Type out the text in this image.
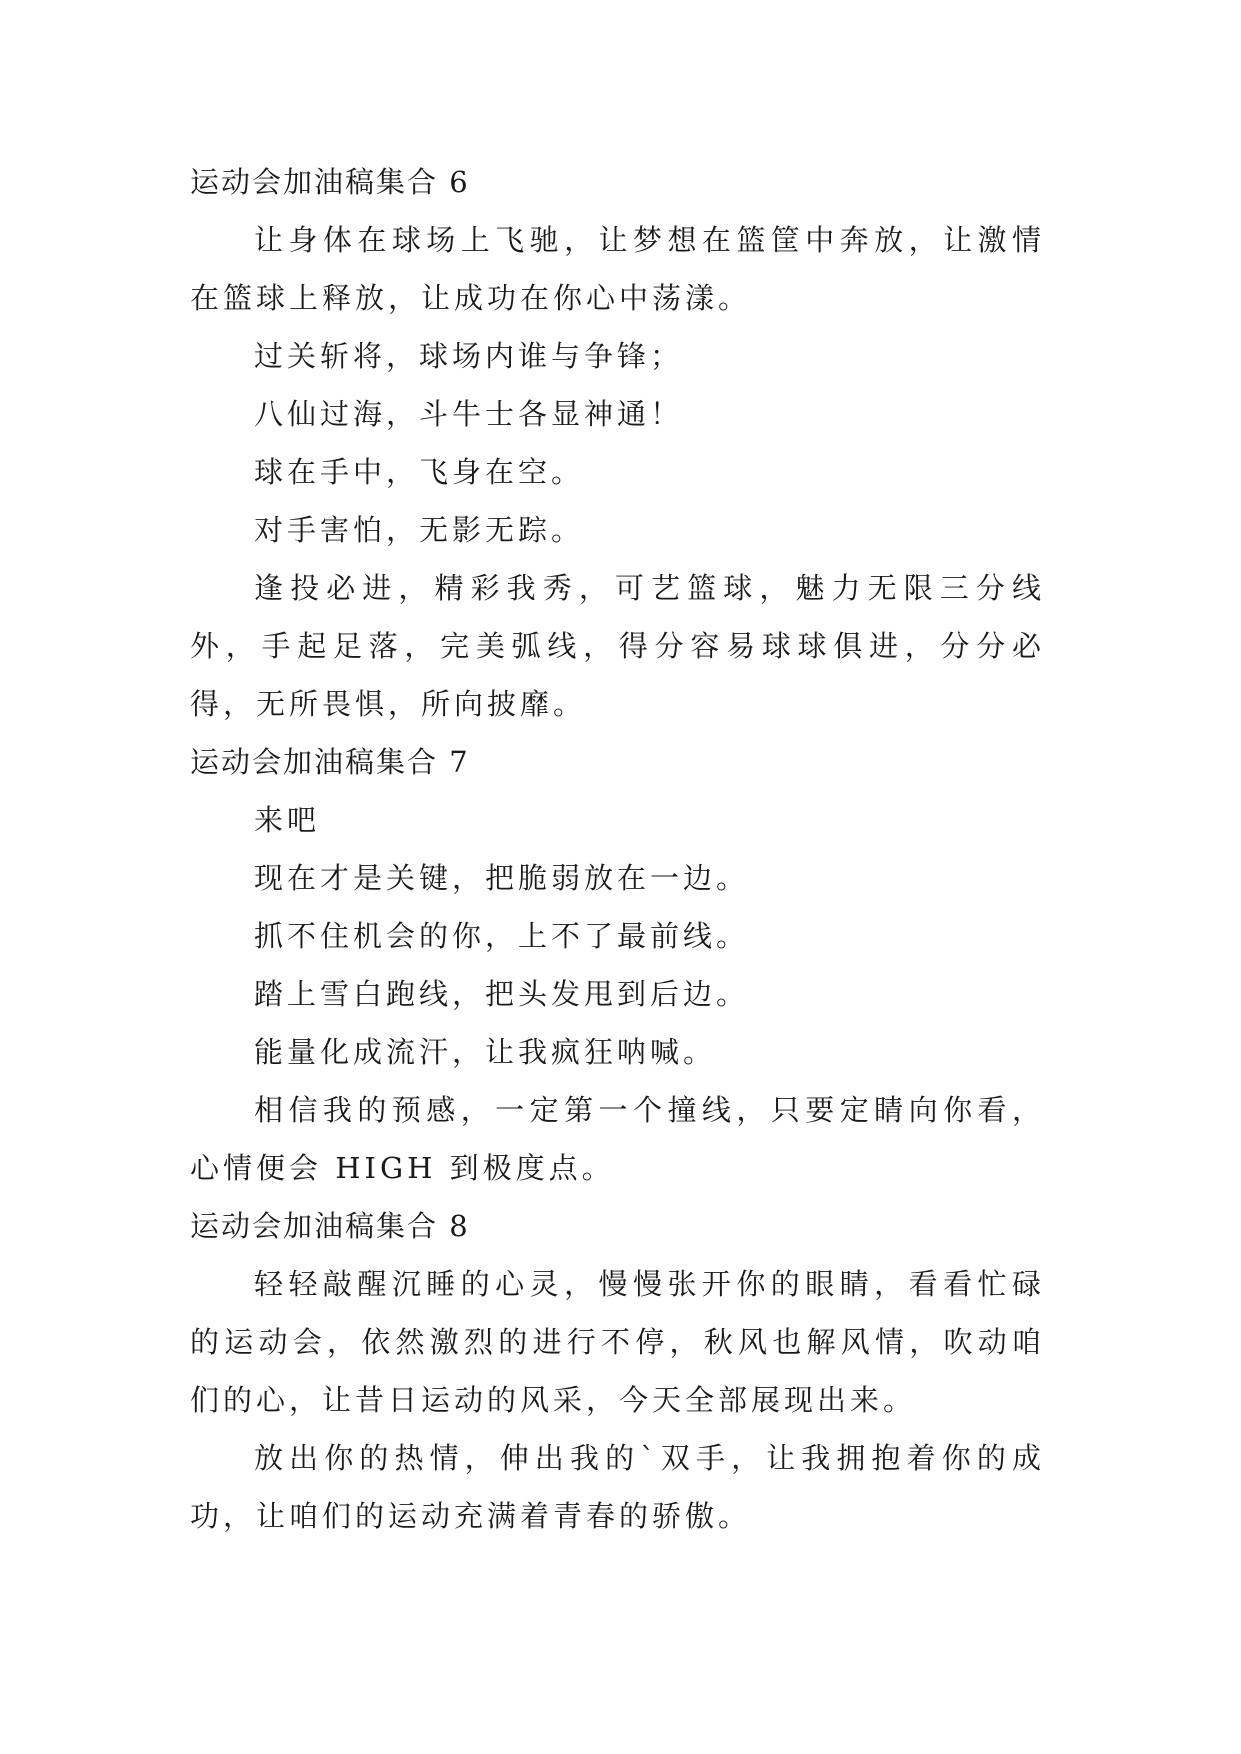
运动会加油稿集合 6

让身体在球场上飞驰，让梦想在篮筐中奔放，让激情在篮球上释放，让成功在你心中荡漾。

过关斩将，球场内谁与争锋；

八仙过海，斗牛士各显神通！

球在手中，飞身在空。

对手害怕，无影无踪。

逢投必进，精彩我秀，可艺篮球，魅力无限三分线外，手起足落，完美弧线，得分容易球球俱进，分分必得，无所畏惧，所向披靡。

运动会加油稿集合 7

来吧

现在才是关键，把脆弱放在一边。

抓不住机会的你，上不了最前线。

踏上雪白跑线，把头发甩到后边。

能量化成流汗，让我疯狂呐喊。

相信我的预感，一定第一个撞线，只要定睛向你看，心情便会 HIGH 到极度点。

运动会加油稿集合 8

轻轻敲醒沉睡的心灵，慢慢张开你的眼睛，看看忙碌的运动会，依然激烈的进行不停，秋风也解风情，吹动咱们的心，让昔日运动的风采，今天全部展现出来。

放出你的热情，伸出我的`双手，让我拥抱着你的成功，让咱们的运动充满着青春的骄傲。
